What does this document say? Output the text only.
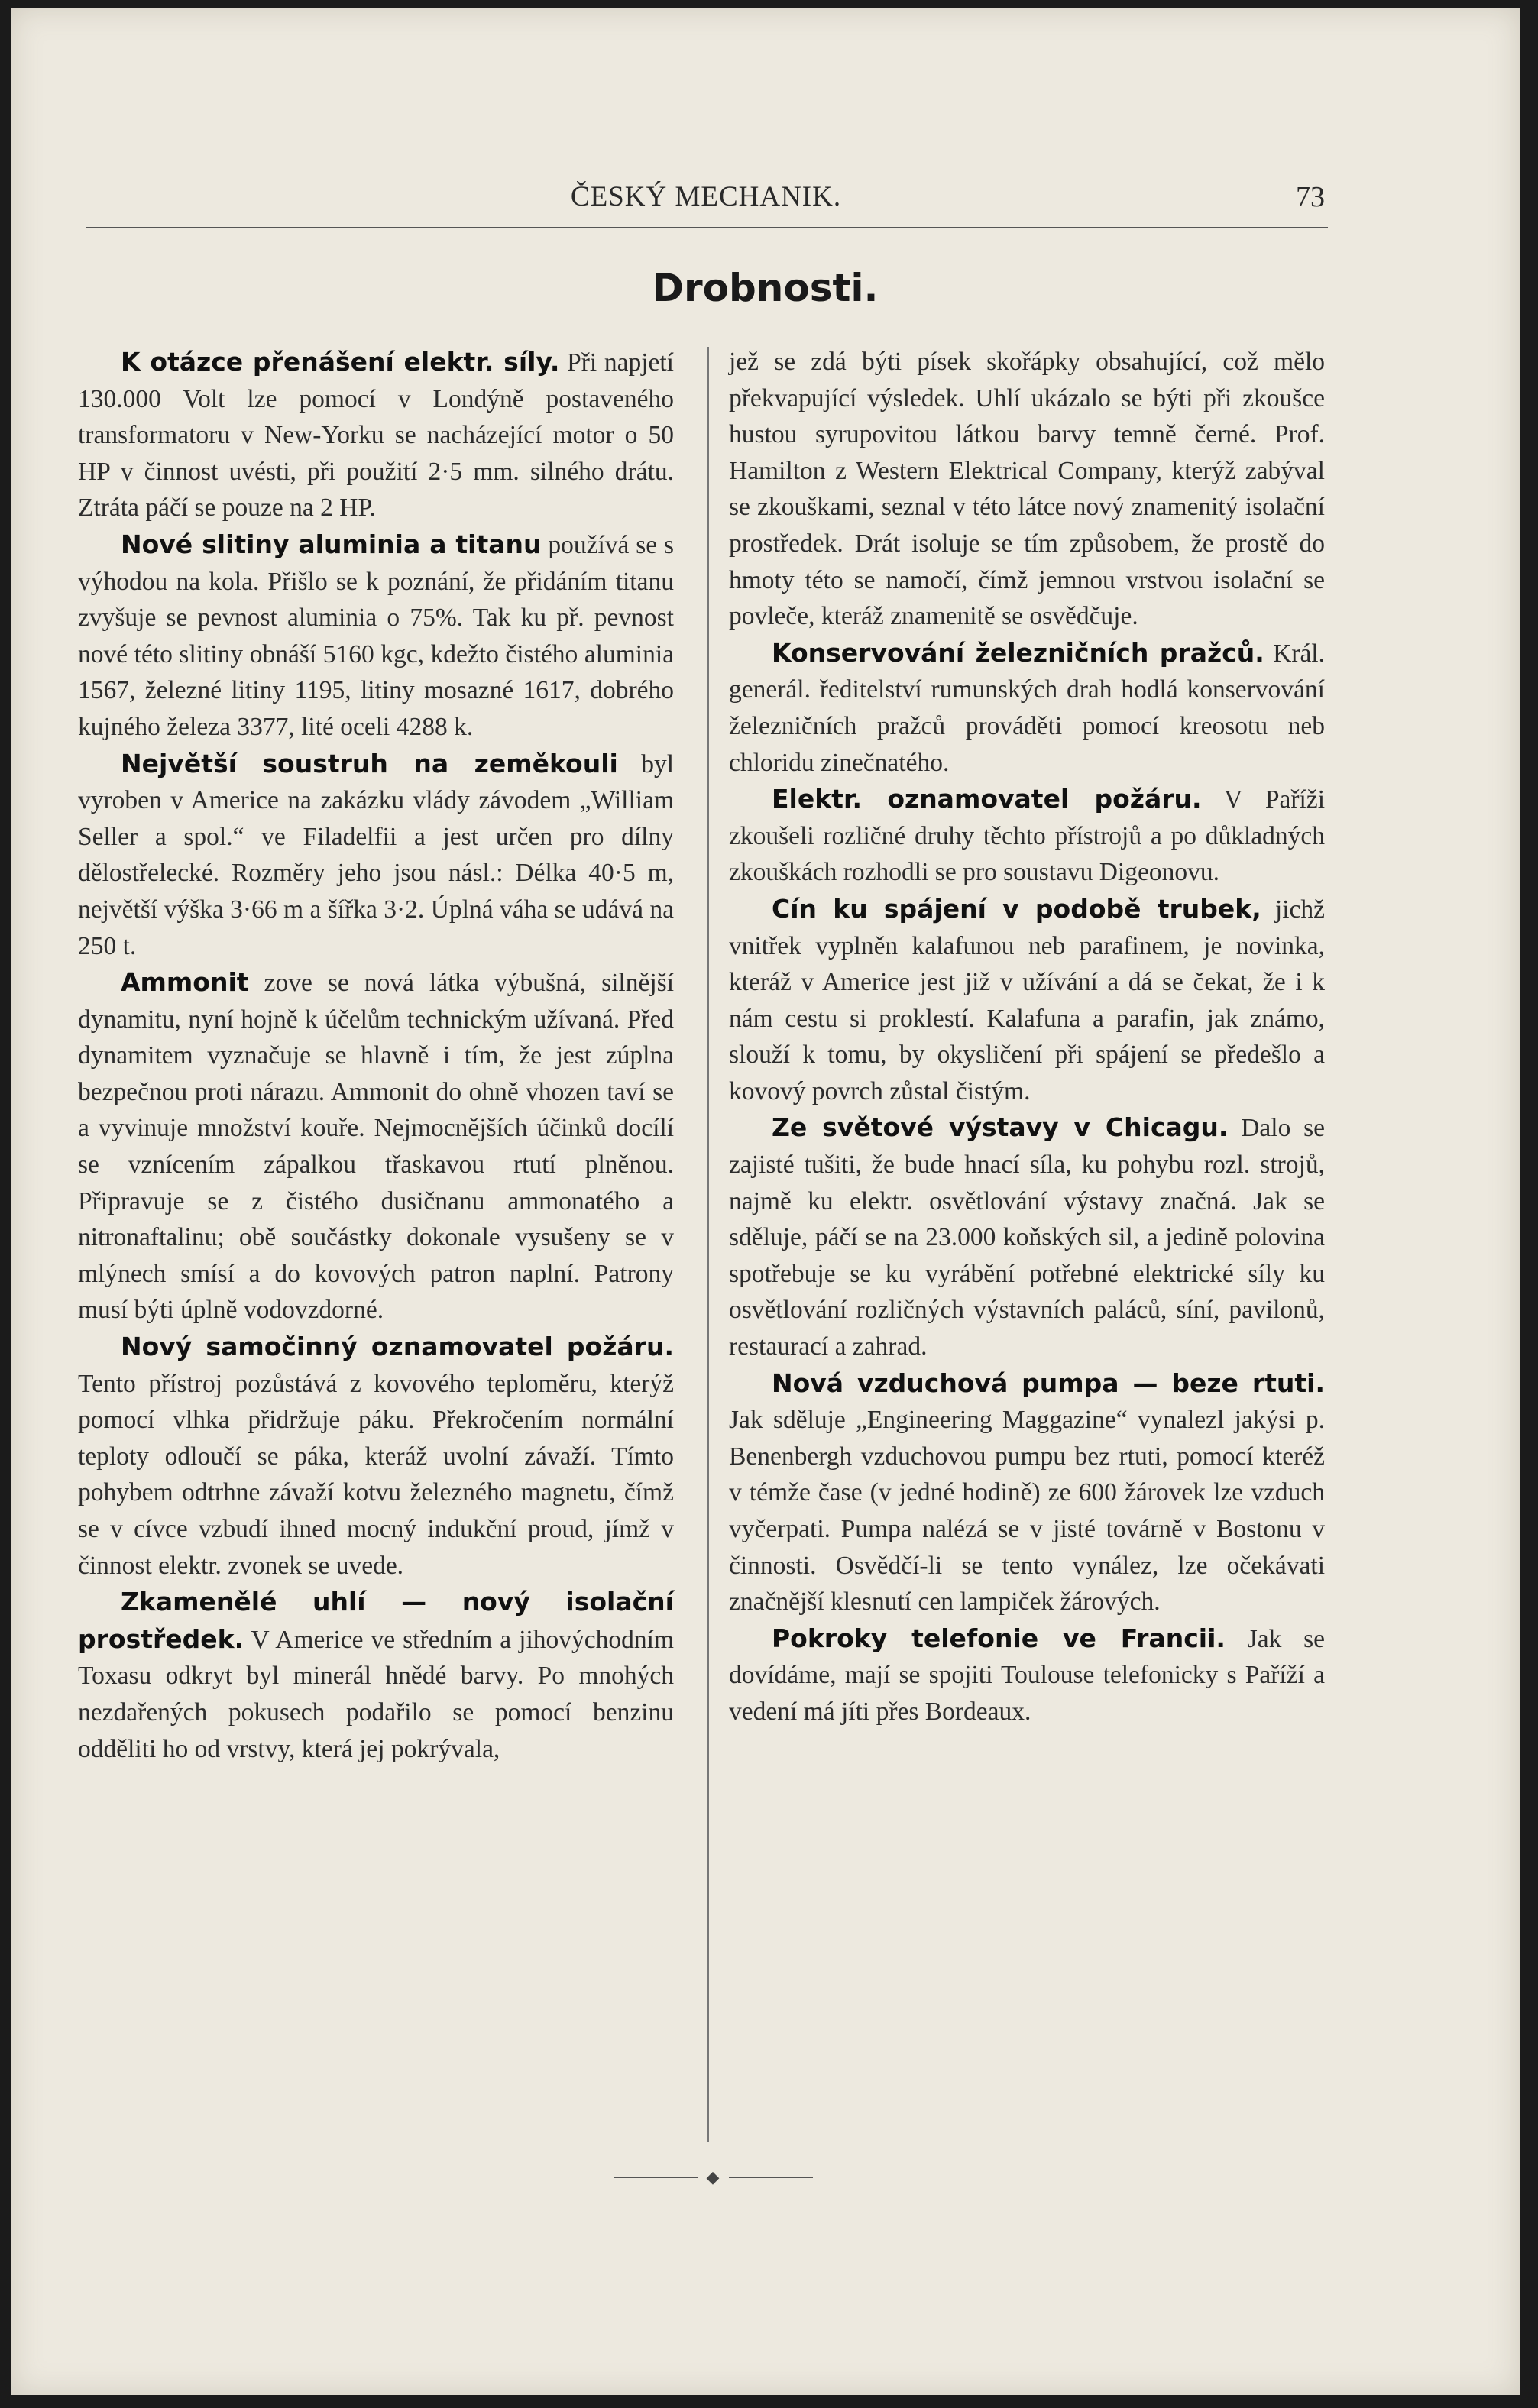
ČESKÝ MECHANIK.	73
Drobnosti.

K otázce přenášení elektr. síly. Při napjetí 130.000 Volt lze pomocí v Londýně postaveného transformatoru v New-Yorku se nacházející motor o 50 HP v činnost uvésti, při použití 2·5 mm. silného drátu. Ztráta páčí se pouze na 2 HP.

Nové slitiny aluminia a titanu používá se s výhodou na kola. Přišlo se k poznání, že přidáním titanu zvyšuje se pevnost aluminia o 75%. Tak ku př. pevnost nové této slitiny obnáší 5160 kgc, kdežto čistého aluminia 1567, železné litiny 1195, litiny mosazné 1617, dobrého kujného železa 3377, lité oceli 4288 k.

Největší soustruh na zeměkouli byl vyroben v Americe na zakázku vlády závodem „William Seller a spol.“ ve Filadelfii a jest určen pro dílny dělostřelecké. Rozměry jeho jsou násl.: Délka 40·5 m, největší výška 3·66 m a šířka 3·2. Úplná váha se udává na 250 t.

Ammonit zove se nová látka výbušná, silnější dynamitu, nyní hojně k účelům technickým užívaná. Před dynamitem vyznačuje se hlavně i tím, že jest zúplna bezpečnou proti nárazu. Ammonit do ohně vhozen taví se a vyvinuje množství kouře. Nejmocnějších účinků docílí se vznícením zápalkou třaskavou rtutí plněnou. Připravuje se z čistého dusičnanu ammonatého a nitronaftalinu; obě součástky dokonale vysušeny se v mlýnech smísí a do kovových patron naplní. Patrony musí býti úplně vodovzdorné.

Nový samočinný oznamovatel požáru. Tento přístroj pozůstává z kovového teploměru, kterýž pomocí vlhka přidržuje páku. Překročením normální teploty odloučí se páka, kteráž uvolní závaží. Tímto pohybem odtrhne závaží kotvu železného magnetu, čímž se v cívce vzbudí ihned mocný indukční proud, jímž v činnost elektr. zvonek se uvede.

Zkamenělé uhlí — nový isolační prostředek. V Americe ve středním a jihovýchodním Toxasu odkryt byl minerál hnědé barvy. Po mnohých nezdařených pokusech podařilo se pomocí benzinu odděliti ho od vrstvy, která jej pokrývala,

jež se zdá býti písek skořápky obsahující, což mělo překvapující výsledek. Uhlí ukázalo se býti při zkoušce hustou syrupovitou látkou barvy temně černé. Prof. Hamilton z Western Elektrical Company, kterýž zabýval se zkouškami, seznal v této látce nový znamenitý isolační prostředek. Drát isoluje se tím způsobem, že prostě do hmoty této se namočí, čímž jemnou vrstvou isolační se povleče, kteráž znamenitě se osvědčuje.

Konservování železničních pražců. Král. generál. ředitelství rumunských drah hodlá konservování železničních pražců prováděti pomocí kreosotu neb chloridu zinečnatého.

Elektr. oznamovatel požáru. V Paříži zkoušeli rozličné druhy těchto přístrojů a po důkladných zkouškách rozhodli se pro soustavu Digeonovu.

Cín ku spájení v podobě trubek, jichž vnitřek vyplněn kalafunou neb parafinem, je novinka, kteráž v Americe jest již v užívání a dá se čekat, že i k nám cestu si proklestí. Kalafuna a parafin, jak známo, slouží k tomu, by okysličení při spájení se předešlo a kovový povrch zůstal čistým.

Ze světové výstavy v Chicagu. Dalo se zajisté tušiti, že bude hnací síla, ku pohybu rozl. strojů, najmě ku elektr. osvětlování výstavy značná. Jak se sděluje, páčí se na 23.000 koňských sil, a jedině polovina spotřebuje se ku vyrábění potřebné elektrické síly ku osvětlování rozličných výstavních paláců, síní, pavilonů, restaurací a zahrad.

Nová vzduchová pumpa — beze rtuti. Jak sděluje „Engineering Maggazine“ vynalezl jakýsi p. Benenbergh vzduchovou pumpu bez rtuti, pomocí kteréž v témže čase (v jedné hodině) ze 600 žárovek lze vzduch vyčerpati. Pumpa nalézá se v jisté továrně v Bostonu v činnosti. Osvědčí-li se tento vynález, lze očekávati značnější klesnutí cen lampiček žárových.

Pokroky telefonie ve Francii. Jak se dovídáme, mají se spojiti Toulouse telefonicky s Paříží a vedení má jíti přes Bordeaux.

◆
